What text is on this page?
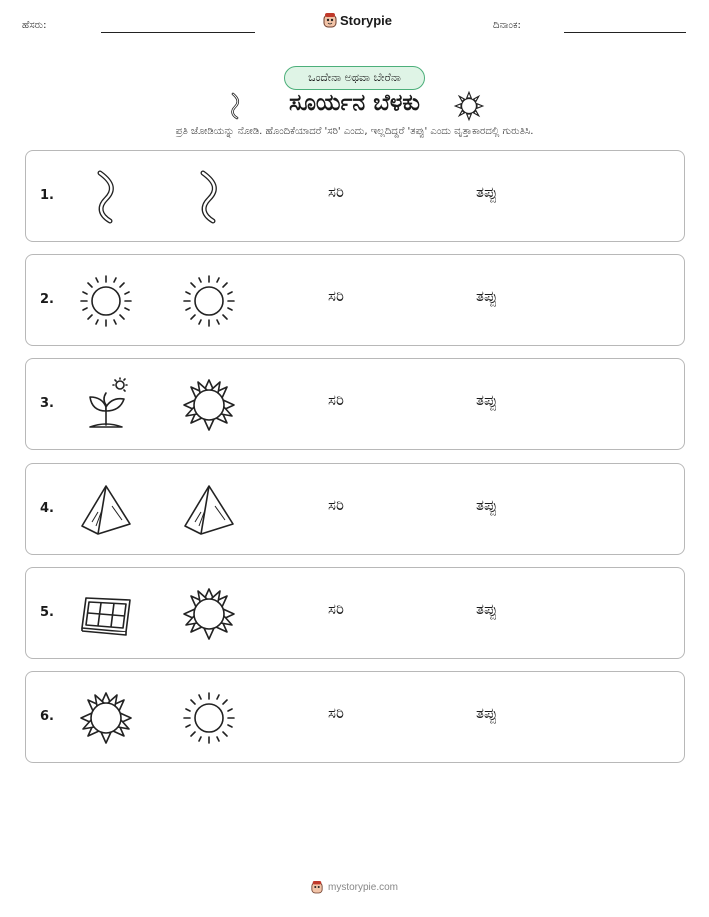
ಹೆಸರು:	Storypie	ದಿನಾಂಕ:
ಒಂದೇನಾ ಅಥವಾ ಬೇರೆನಾ
ಸೂರ್ಯನ ಬೆಳಕು
ಪ್ರತಿ ಜೋಡಿಯನ್ನು ನೋಡಿ. ಹೊಂದಿಕೆಯಾದರೆ 'ಸರಿ' ಎಂದು, ಇಲ್ಲದಿದ್ದರೆ 'ತಪ್ಪು' ಎಂದು ವೃತ್ತಾಕಾರದಲ್ಲಿ ಗುರುತಿಸಿ.
1.	ಸರಿ	ತಪ್ಪು
2.	ಸರಿ	ತಪ್ಪು
3.	ಸರಿ	ತಪ್ಪು
4.	ಸರಿ	ತಪ್ಪು
5.	ಸರಿ	ತಪ್ಪು
6.	ಸರಿ	ತಪ್ಪು
mystorypie.com
